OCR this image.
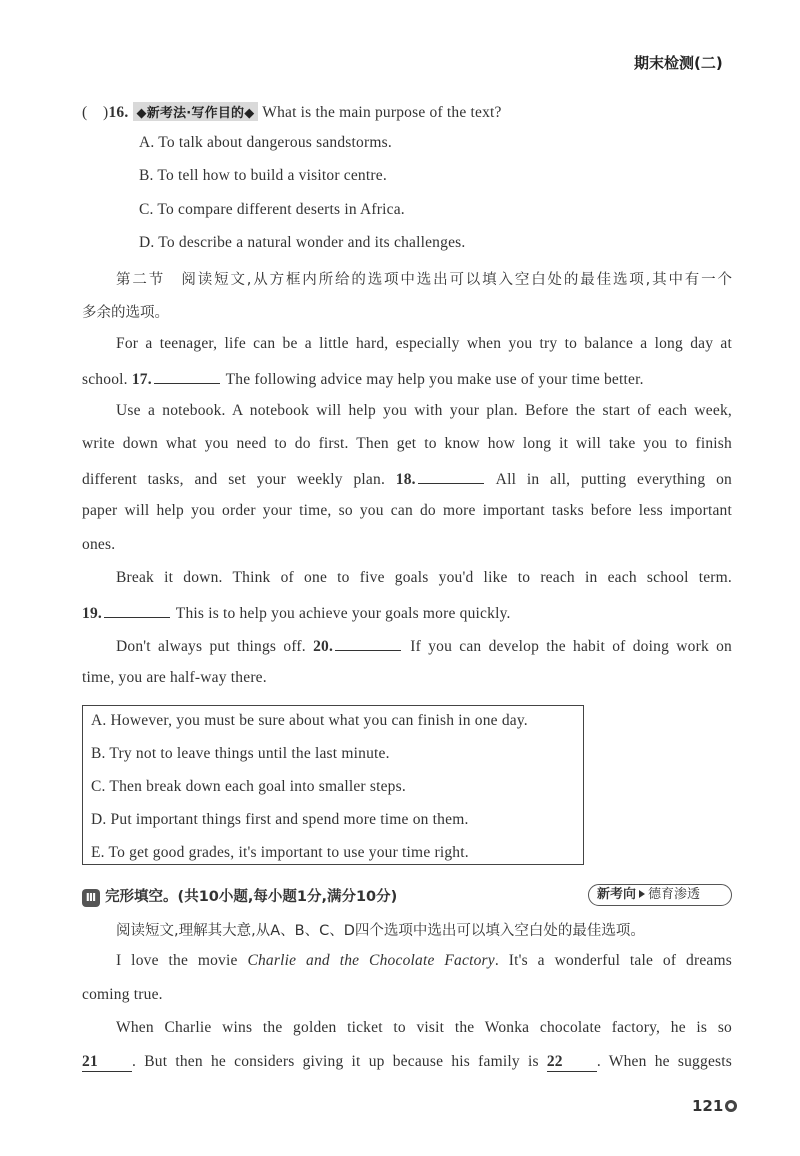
期末检测(二)
(　)16. ◆新考法·写作目的◆ What is the main purpose of the text?
A. To talk about dangerous sandstorms.
B. To tell how to build a visitor centre.
C. To compare different deserts in Africa.
D. To describe a natural wonder and its challenges.
第二节　阅读短文,从方框内所给的选项中选出可以填入空白处的最佳选项,其中有一个
多余的选项。
For a teenager, life can be a little hard, especially when you try to balance a long day at
school. 17.	The following advice may help you make use of your time better.
Use a notebook. A notebook will help you with your plan. Before the start of each week,
write down what you need to do first. Then get to know how long it will take you to finish
different tasks, and set your weekly plan. 18.	All in all, putting everything on
paper will help you order your time, so you can do more important tasks before less important
ones.
Break it down. Think of one to five goals you'd like to reach in each school term.
19.	This is to help you achieve your goals more quickly.
Don't always put things off. 20.	If you can develop the habit of doing work on
time, you are half-way there.
A. However, you must be sure about what you can finish in one day.
B. Try not to leave things until the last minute.
C. Then break down each goal into smaller steps.
D. Put important things first and spend more time on them.
E. To get good grades, it's important to use your time right.
Ⅲ 完形填空。(共10小题,每小题1分,满分10分)	新考向 德育渗透
阅读短文,理解其大意,从A、B、C、D四个选项中选出可以填入空白处的最佳选项。
I love the movie Charlie and the Chocolate Factory. It's a wonderful tale of dreams
coming true.
When Charlie wins the golden ticket to visit the Wonka chocolate factory, he is so
21 . But then he considers giving it up because his family is 22 . When he suggests
121
